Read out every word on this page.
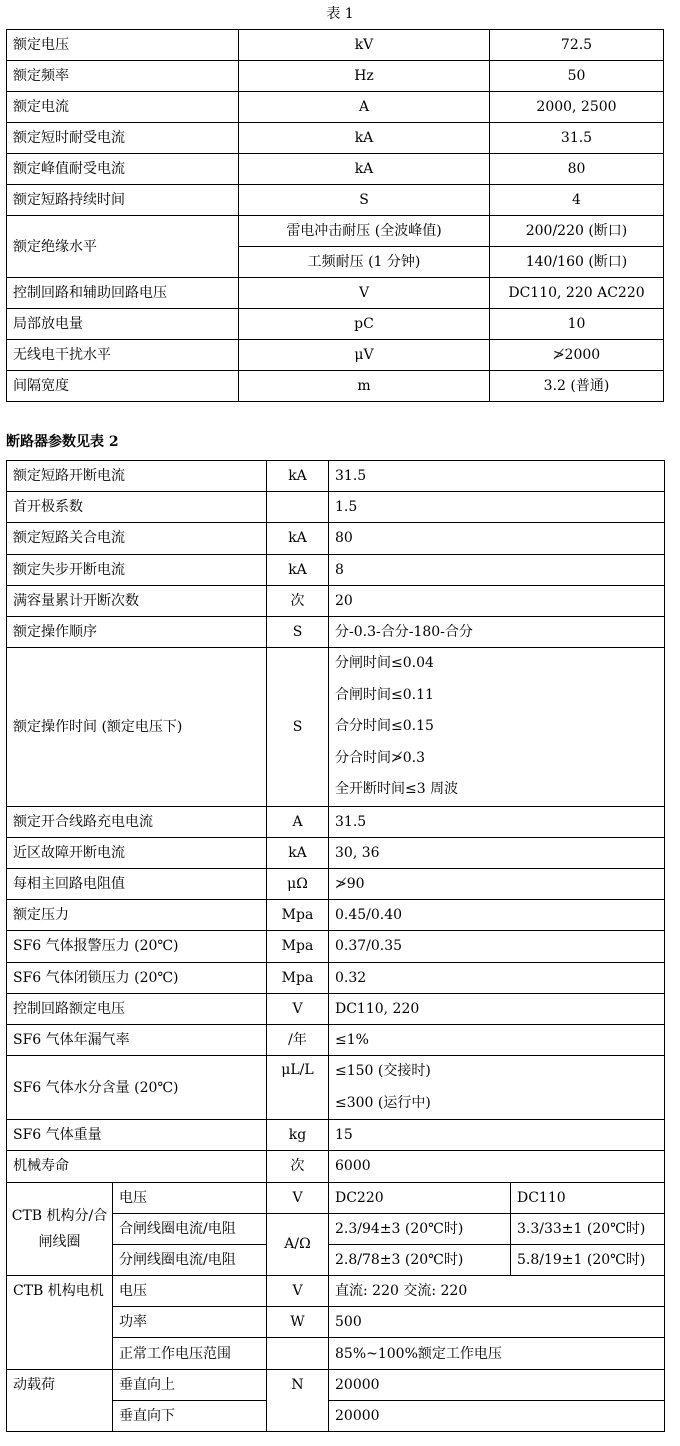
表 1
额定电压	kV	72.5
额定频率	Hz	50
额定电流	A	2000, 2500
额定短时耐受电流	kA	31.5
额定峰值耐受电流	kA	80
额定短路持续时间	S	4
额定绝缘水平	雷电冲击耐压 (全波峰值)	200/220 (断口)
	工频耐压 (1 分钟)	140/160 (断口)
控制回路和辅助回路电压	V	DC110, 220 AC220
局部放电量	pC	10
无线电干扰水平	μV	≯2000
间隔宽度	m	3.2 (普通)
断路器参数见表 2
额定短路开断电流		kA	31.5	
首开极系数			1.5	
额定短路关合电流		kA	80	
额定失步开断电流		kA	8	
满容量累计开断次数		次	20	
额定操作顺序		S	分-0.3-合分-180-合分	
额定操作时间 (额定电压下)		S	分闸时间≤0.04
合闸时间≤0.11
合分时间≤0.15
分合时间≯0.3
全开断时间≤3 周波	

额定开合线路充电电流		A	31.5	
近区故障开断电流		kA	30, 36	
每相主回路电阻值		μΩ	≯90	
额定压力		Mpa	0.45/0.40	
SF6 气体报警压力 (20℃)		Mpa	0.37/0.35	
SF6 气体闭锁压力 (20℃)		Mpa	0.32	
控制回路额定电压		V	DC110, 220	
SF6 气体年漏气率		/年	≤1%	
SF6 气体水分含量 (20℃)		μL/L	≤150 (交接时)
≤300 (运行中)	

SF6 气体重量		kg	15	
机械寿命		次	6000	
CTB 机构分/合闸线圈	电压	V	DC220	DC110
	合闸线圈电流/电阻	A/Ω	2.3/94±3 (20℃时)	3.3/33±1 (20℃时)
	分闸线圈电流/电阻		2.8/78±3 (20℃时)	5.8/19±1 (20℃时)
CTB 机构电机	电压	V	直流: 220 交流: 220	
	功率	W	500	
	正常工作电压范围		85%~100%额定工作电压	
动载荷	垂直向上	N	20000	
	垂直向下		20000	
